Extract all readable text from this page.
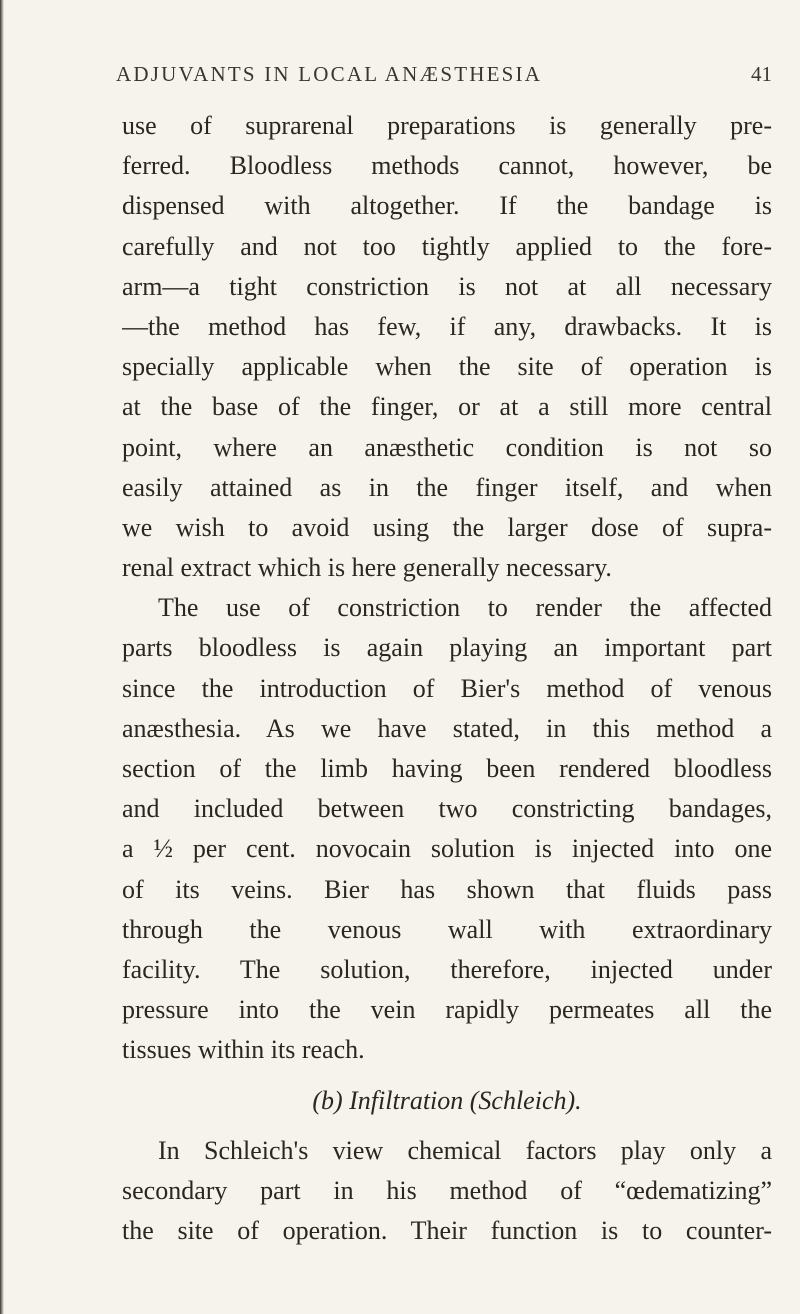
ADJUVANTS IN LOCAL ANÆSTHESIA	41
use of suprarenal preparations is generally pre-
ferred. Bloodless methods cannot, however, be
dispensed with altogether. If the bandage is
carefully and not too tightly applied to the fore-
arm—a tight constriction is not at all necessary
—the method has few, if any, drawbacks. It is
specially applicable when the site of operation is
at the base of the finger, or at a still more central
point, where an anæsthetic condition is not so
easily attained as in the finger itself, and when
we wish to avoid using the larger dose of supra-
renal extract which is here generally necessary.
The use of constriction to render the affected
parts bloodless is again playing an important part
since the introduction of Bier's method of venous
anæsthesia. As we have stated, in this method a
section of the limb having been rendered bloodless
and included between two constricting bandages,
a ½ per cent. novocain solution is injected into one
of its veins. Bier has shown that fluids pass
through the venous wall with extraordinary
facility. The solution, therefore, injected under
pressure into the vein rapidly permeates all the
tissues within its reach.
(b) Infiltration (Schleich).
In Schleich's view chemical factors play only a
secondary part in his method of “œdematizing”
the site of operation. Their function is to counter-
